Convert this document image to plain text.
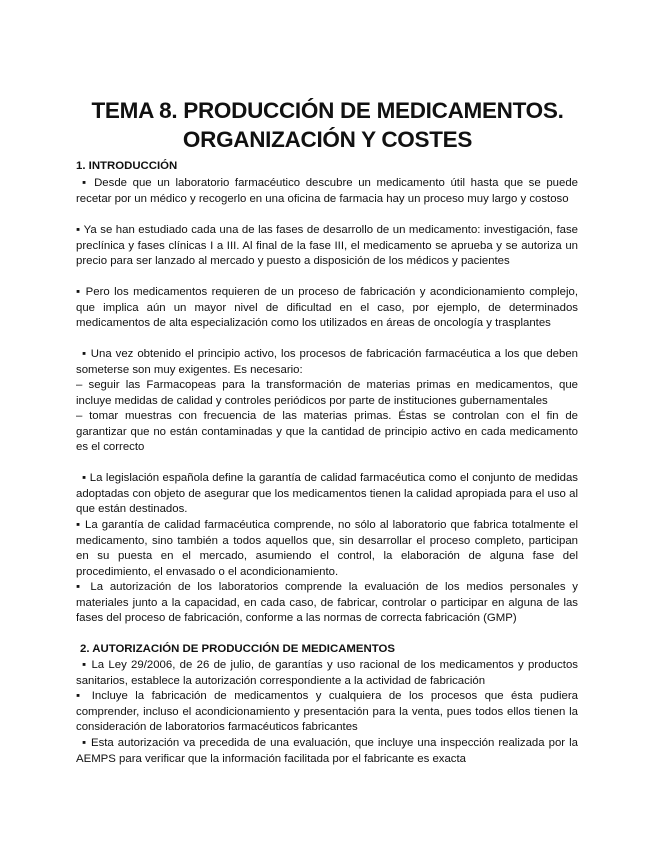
TEMA 8. PRODUCCIÓN DE MEDICAMENTOS.
ORGANIZACIÓN Y COSTES
1. INTRODUCCIÓN

▪ Desde que un laboratorio farmacéutico descubre un medicamento útil hasta que se puede recetar por un médico y recogerlo en una oficina de farmacia hay un proceso muy largo y costoso

▪ Ya se han estudiado cada una de las fases de desarrollo de un medicamento: investigación, fase preclínica y fases clínicas I a III. Al final de la fase III, el medicamento se aprueba y se autoriza un precio para ser lanzado al mercado y puesto a disposición de los médicos y pacientes

▪ Pero los medicamentos requieren de un proceso de fabricación y acondicionamiento complejo, que implica aún un mayor nivel de dificultad en el caso, por ejemplo, de determinados medicamentos de alta especialización como los utilizados en áreas de oncología y trasplantes

▪ Una vez obtenido el principio activo, los procesos de fabricación farmacéutica a los que deben someterse son muy exigentes. Es necesario:

– seguir las Farmacopeas para la transformación de materias primas en medicamentos, que incluye medidas de calidad y controles periódicos por parte de instituciones gubernamentales

– tomar muestras con frecuencia de las materias primas. Éstas se controlan con el fin de garantizar que no están contaminadas y que la cantidad de principio activo en cada medicamento es el correcto

▪ La legislación española define la garantía de calidad farmacéutica como el conjunto de medidas adoptadas con objeto de asegurar que los medicamentos tienen la calidad apropiada para el uso al que están destinados.

▪ La garantía de calidad farmacéutica comprende, no sólo al laboratorio que fabrica totalmente el medicamento, sino también a todos aquellos que, sin desarrollar el proceso completo, participan en su puesta en el mercado, asumiendo el control, la elaboración de alguna fase del procedimiento, el envasado o el acondicionamiento.

▪ La autorización de los laboratorios comprende la evaluación de los medios personales y materiales junto a la capacidad, en cada caso, de fabricar, controlar o participar en alguna de las fases del proceso de fabricación, conforme a las normas de correcta fabricación (GMP)

2. AUTORIZACIÓN DE PRODUCCIÓN DE MEDICAMENTOS

▪ La Ley 29/2006, de 26 de julio, de garantías y uso racional de los medicamentos y productos sanitarios, establece la autorización correspondiente a la actividad de fabricación

▪ Incluye la fabricación de medicamentos y cualquiera de los procesos que ésta pudiera comprender, incluso el acondicionamiento y presentación para la venta, pues todos ellos tienen la consideración de laboratorios farmacéuticos fabricantes

▪ Esta autorización va precedida de una evaluación, que incluye una inspección realizada por la AEMPS para verificar que la información facilitada por el fabricante es exacta
